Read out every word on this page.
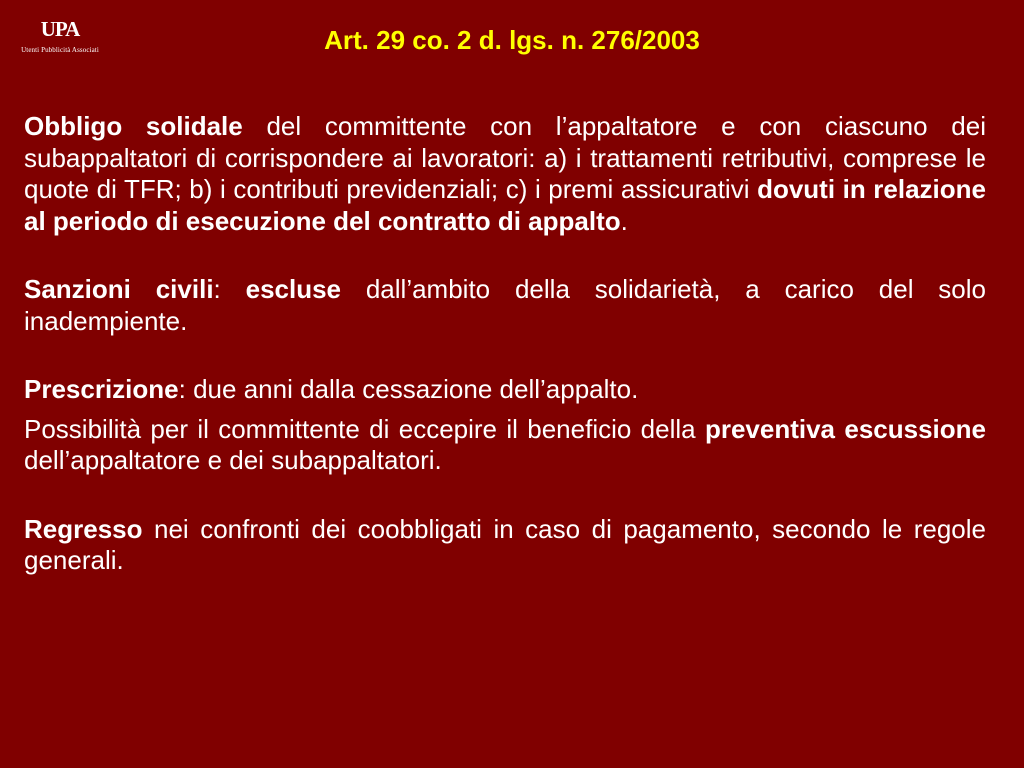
UPA
Utenti Pubblicità Associati	Art. 29 co. 2 d. lgs. n. 276/2003

Obbligo solidale del committente con l’appaltatore e con ciascuno dei subappaltatori di corrispondere ai lavoratori: a) i trattamenti retributivi, comprese le quote di TFR; b) i contributi previdenziali; c) i premi assicurativi dovuti in relazione al periodo di esecuzione del contratto di appalto.

Sanzioni civili: escluse dall’ambito della solidarietà, a carico del solo inadempiente.

Prescrizione: due anni dalla cessazione dell’appalto.

Possibilità per il committente di eccepire il beneficio della preventiva escussione dell’appaltatore e dei subappaltatori.

Regresso nei confronti dei coobbligati in caso di pagamento, secondo le regole generali.
